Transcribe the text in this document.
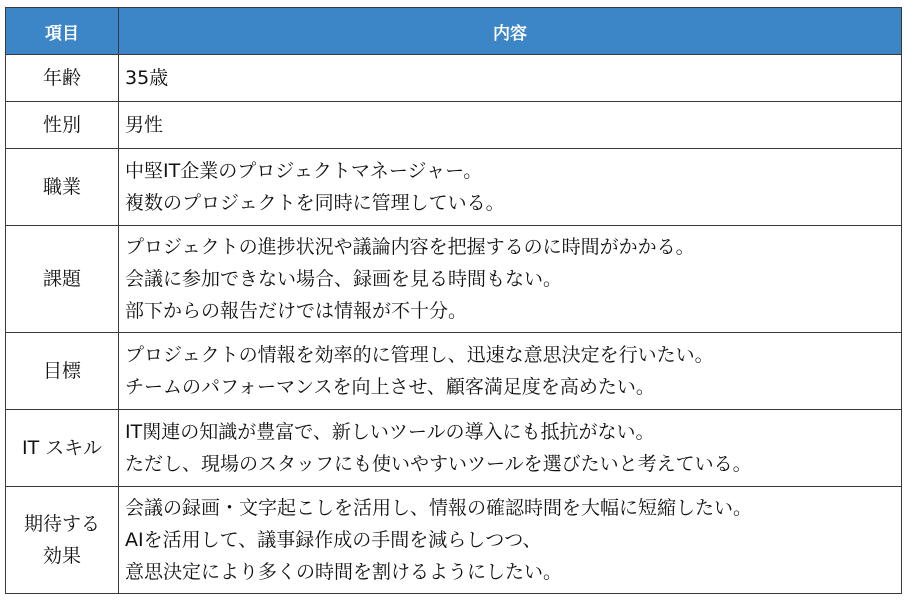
項目	内容
年齢	35歳

性別	男性

職業	中堅IT企業のプロジェクトマネージャー。
複数のプロジェクトを同時に管理している。

課題	プロジェクトの進捗状況や議論内容を把握するのに時間がかかる。
会議に参加できない場合、録画を見る時間もない。
部下からの報告だけでは情報が不十分。

目標	プロジェクトの情報を効率的に管理し、迅速な意思決定を行いたい。
チームのパフォーマンスを向上させ、顧客満足度を高めたい。

IT スキル	IT関連の知識が豊富で、新しいツールの導入にも抵抗がない。
ただし、現場のスタッフにも使いやすいツールを選びたいと考えている。

期待する
効果	会議の録画・文字起こしを活用し、情報の確認時間を大幅に短縮したい。
AIを活用して、議事録作成の手間を減らしつつ、
意思決定により多くの時間を割けるようにしたい。
